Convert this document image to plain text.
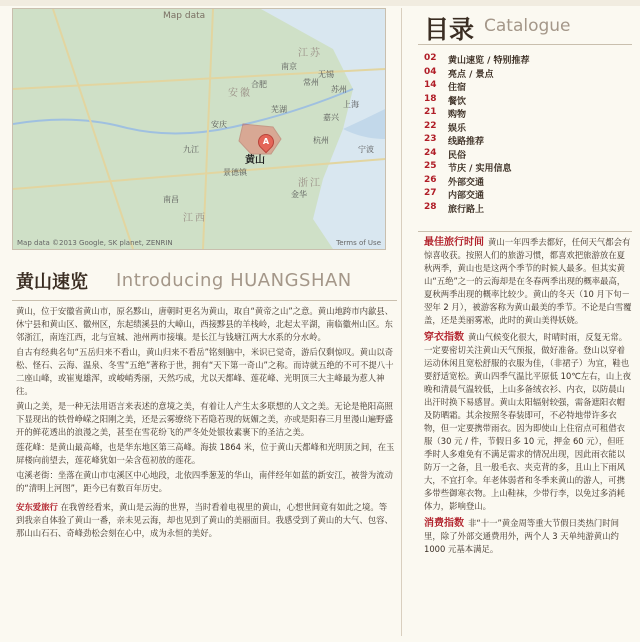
Map data
江苏
安徽
浙江
江西
上海
黄山
合肥
南京
杭州
苏州
无锡
常州
宁波
嘉兴
芜湖
安庆
九江
景德镇
金华
南昌
A
Map data ©2013 Google, SK planet, ZENRIN	Terms of Use
黄山速览 Introducing HUANGSHAN

黄山，位于安徽省黄山市，原名黟山，唐朝时更名为黄山，取自“黄帝之山”之意。黄山地跨市内歙县、休宁县和黄山区、徽州区，东起绩溪县的大嶂山，西接黟县的羊栈岭，北起太平湖，南临徽州山区。东邻浙江，南连江西，北与宣城、池州两市接壤。是长江与钱塘江两大水系的分水岭。

自古有经典名句“五岳归来不看山，黄山归来不看岳”铭刻脑中，米识已觉奇，游后仅剩惊叹。黄山以奇松、怪石、云海、温泉、冬雪“五绝”著称于世，拥有“天下第一奇山”之称。而诗就五绝的不可不提八十二座山峰，或崔嵬雄浑，或峻峭秀丽，天然巧成，尤以天都峰、莲花峰、光明顶三大主峰最为惹人神往。

黄山之美，是一种无法用语言来表述的意境之美，有着让人产生太多联想的人文之美。无论是艳阳高照下显现出的铁骨峥嵘之阳刚之美，还是云雾缭绕下若隐若现的妩媚之美，亦或是阳春三月里漫山遍野盛开的鲜花透出的浪漫之美，甚至在雪花纷飞的严冬处处银妆素裹下的圣洁之美。

莲花峰：是黄山最高峰，也是华东地区第三高峰。海拔 1864 米，位于黄山天都峰和光明顶之间，在玉屏楼向前望去，莲花峰犹如一朵含苞初放的莲花。

屯溪老街：坐落在黄山市屯溪区中心地段，北依四季葱茏的华山，南伴经年如蓝的新安江，被誉为流动的“清明上河图”，距今已有数百年历史。

安东爱旅行 在我曾经看来，黄山是云海的世界，当时看着电视里的黄山，心想世间竟有如此之境。等到我亲自体验了黄山一番，亲未见云海，却也见到了黄山的美丽面目。我感受到了黄山的大气、包容、那山山石石、奇峰劲松会刻在心中，成为永恒的美好。

目录 Catalogue
02	黄山速览 / 特别推荐
04	亮点 / 景点
14	住宿
18	餐饮
21	购物
22	娱乐
23	线路推荐
24	民俗
25	节庆 / 实用信息
26	外部交通
27	内部交通
28	旅行路上
最佳旅行时间 黄山一年四季去都好，任何天气都会有惊喜收获。按照人们的旅游习惯，都喜欢把旅游放在夏秋两季，黄山也是这两个季节的时候人最多。但其实黄山“五绝”之一的云海却是在冬春两季出现的概率最高，夏秋两季出现的概率比较少。黄山的冬天（10 月下旬－翌年 2 月），被游客称为黄山最美的季节。不论是白雪覆盖，还是美丽雾凇，此时的黄山美得妖娆。
穿衣指数 黄山气候变化很大，时晴时雨，反复无常。一定要密切关注黄山天气预报，做好准备。登山以穿着运动休闲且宽松舒服的衣服为佳，（非裙子）为宜，鞋也要舒适宽松。黄山四季气温比平原低 10℃左右，山上夜晚和清晨气温较低，上山多备绒衣衫、内衣，以防晨山出汗时换下易感冒。黄山太阳辐射较强，需备遮阳衣帽及防晒霜。其余按照冬春装即可，不必特地带许多衣物，但一定要携带雨衣。因为即使山上住宿点可租借衣服（30 元 / 件，节假日多 10 元，押金 60 元），但旺季时人多难免有不满足需求的情况出现，因此雨衣能以防万一之备，且一般毛衣、夹克背的多，且山上下雨风大，不宜打伞。年老体弱者和冬季来黄山的游人，可携多带些御寒衣物。上山鞋袜，少带行李，以免过多消耗体力，影响登山。
消费指数 非“十一”黄金周等重大节假日类热门时间里，除了外部交通费用外，两个人 3 天单纯游黄山约 1000 元基本满足。
